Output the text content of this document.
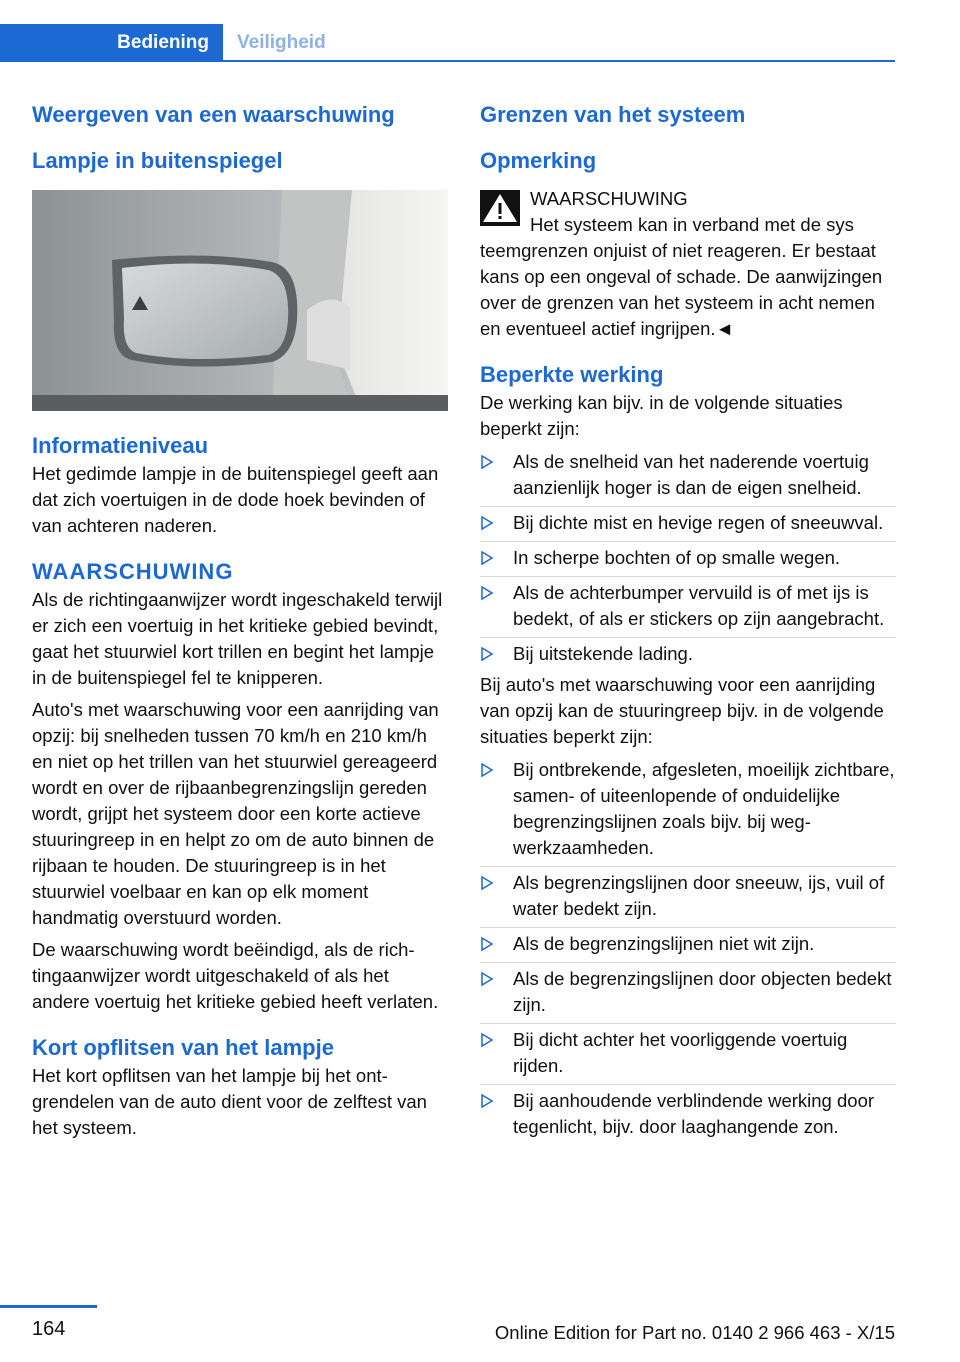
Bediening Veiligheid
Weergeven van een waarschuwing
Lampje in buitenspiegel
Informatieniveau

Het gedimde lampje in de buitenspiegel geeft aan dat zich voertuigen in de dode hoek bevinden of van achteren naderen.

WAARSCHUWING

Als de richtingaanwijzer wordt ingeschakeld terwijl er zich een voertuig in het kritieke gebied bevindt, gaat het stuurwiel kort trillen en begint het lampje in de buitenspiegel fel te knipperen.

Auto's met waarschuwing voor een aanrijding van opzij: bij snelheden tussen 70 km/h en 210 km/h en niet op het trillen van het stuurwiel gereageerd wordt en over de rijbaanbegrenzingslijn gereden wordt, grijpt het systeem door een korte actieve stuuringreep in en helpt zo om de auto binnen de rijbaan te houden. De stuuringreep is in het stuurwiel voelbaar en kan op elk moment handmatig overstuurd worden.

De waarschuwing wordt beëindigd, als de richtingaanwijzer wordt uitgeschakeld of als het andere voertuig het kritieke gebied heeft verlaten.

Kort opflitsen van het lampje

Het kort opflitsen van het lampje bij het ontgrendelen van de auto dient voor de zelftest van het systeem.

Grenzen van het systeem
Opmerking
WAARSCHUWING
Het systeem kan in verband met de sys

teemgrenzen onjuist of niet reageren. Er bestaat kans op een ongeval of schade. De aanwijzingen over de grenzen van het systeem in acht nemen en eventueel actief ingrijpen.◄

Beperkte werking

De werking kan bijv. in de volgende situaties beperkt zijn:

Als de snelheid van het naderende voertuig aanzienlijk hoger is dan de eigen snelheid.
Bij dichte mist en hevige regen of sneeuwval.
In scherpe bochten of op smalle wegen.
Als de achterbumper vervuild is of met ijs is bedekt, of als er stickers op zijn aangebracht.
Bij uitstekende lading.

Bij auto's met waarschuwing voor een aanrijding van opzij kan de stuuringreep bijv. in de volgende situaties beperkt zijn:

Bij ontbrekende, afgesleten, moeilijk zichtbare, samen- of uiteenlopende of onduidelijke begrenzingslijnen zoals bijv. bij wegwerkzaamheden.
Als begrenzingslijnen door sneeuw, ijs, vuil of water bedekt zijn.
Als de begrenzingslijnen niet wit zijn.
Als de begrenzingslijnen door objecten bedekt zijn.
Bij dicht achter het voorliggende voertuig rijden.
Bij aanhoudende verblindende werking door tegenlicht, bijv. door laaghangende zon.
164	Online Edition for Part no. 0140 2 966 463 - X/15
